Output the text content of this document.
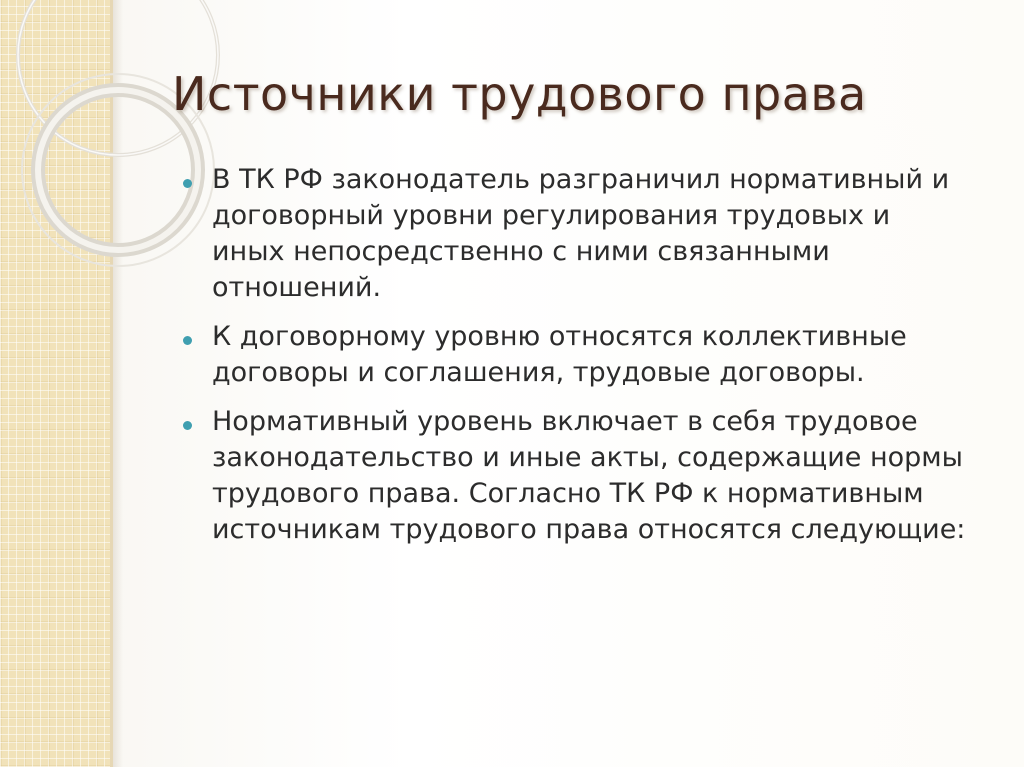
Источники трудового права
В ТК РФ законодатель разграничил нормативный и договорный уровни регулирования трудовых и иных непосредственно с ними связанными отношений.
К договорному уровню относятся коллективные договоры и соглашения, трудовые договоры.
Нормативный уровень включает в себя трудовое законодательство и иные акты, содержащие нормы трудового права. Согласно ТК РФ к нормативным источникам трудового права относятся следующие:
